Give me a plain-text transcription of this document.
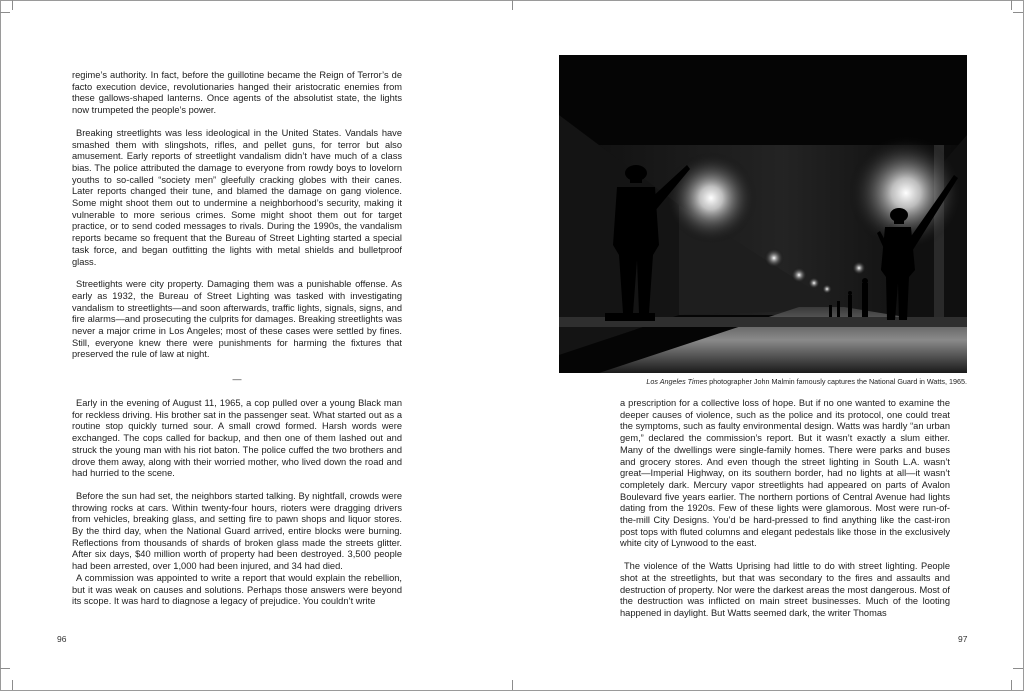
regime’s authority. In fact, before the guillotine became the Reign of Terror’s de facto execution device, revolutionaries hanged their aristocratic enemies from these gallows-shaped lanterns. Once agents of the absolutist state, the lights now trumpeted the people’s power.

Breaking streetlights was less ideological in the United States. Vandals have smashed them with slingshots, rifles, and pellet guns, for terror but also amusement. Early reports of streetlight vandalism didn’t have much of a class bias. The police attributed the damage to everyone from rowdy boys to lovelorn youths to so-called “society men” gleefully cracking globes with their canes. Later reports changed their tune, and blamed the damage on gang violence. Some might shoot them out to undermine a neighborhood’s security, making it vulnerable to more serious crimes. Some might shoot them out for target practice, or to send coded messages to rivals. During the 1990s, the vandalism reports became so frequent that the Bureau of Street Lighting started a special task force, and began outfitting the lights with metal shields and bulletproof glass.

Streetlights were city property. Damaging them was a punishable offense. As early as 1932, the Bureau of Street Lighting was tasked with investigating vandalism to streetlights—and soon afterwards, traffic lights, signals, signs, and fire alarms—and prosecuting the culprits for damages. Breaking streetlights was never a major crime in Los Angeles; most of these cases were settled by fines. Still, everyone knew there were punishments for harming the fixtures that preserved the rule of law at night.

—

Early in the evening of August 11, 1965, a cop pulled over a young Black man for reckless driving. His brother sat in the passenger seat. What started out as a routine stop quickly turned sour. A small crowd formed. Harsh words were exchanged. The cops called for backup, and then one of them lashed out and struck the young man with his riot baton. The police cuffed the two brothers and drove them away, along with their worried mother, who lived down the road and had hurried to the scene.

Before the sun had set, the neighbors started talking. By nightfall, crowds were throwing rocks at cars. Within twenty-four hours, rioters were dragging drivers from vehicles, breaking glass, and setting fire to pawn shops and liquor stores. By the third day, when the National Guard arrived, entire blocks were burning. Reflections from thousands of shards of broken glass made the streets glitter. After six days, $40 million worth of property had been destroyed. 3,500 people had been arrested, over 1,000 had been injured, and 34 had died.

A commission was appointed to write a report that would explain the rebellion, but it was weak on causes and solutions. Perhaps those answers were beyond its scope. It was hard to diagnose a legacy of prejudice. You couldn’t write

96
Los Angeles Times photographer John Malmin famously captures the National Guard in Watts, 1965.

a prescription for a collective loss of hope. But if no one wanted to examine the deeper causes of violence, such as the police and its protocol, one could treat the symptoms, such as faulty environmental design. Watts was hardly “an urban gem,” declared the commission’s report. But it wasn’t exactly a slum either. Many of the dwellings were single-family homes. There were parks and buses and grocery stores. And even though the street lighting in South L.A. wasn’t great—Imperial Highway, on its southern border, had no lights at all—it wasn’t completely dark. Mercury vapor streetlights had appeared on parts of Avalon Boulevard five years earlier. The northern portions of Central Avenue had lights dating from the 1920s. Few of these lights were glamorous. Most were run-of-the-mill City Designs. You’d be hard-pressed to find anything like the cast-iron post tops with fluted columns and elegant pedestals like those in the exclusively white city of Lynwood to the east.

The violence of the Watts Uprising had little to do with street lighting. People shot at the streetlights, but that was secondary to the fires and assaults and destruction of property. Nor were the darkest areas the most dangerous. Most of the destruction was inflicted on main street businesses. Much of the looting happened in daylight. But Watts seemed dark, the writer Thomas

97
